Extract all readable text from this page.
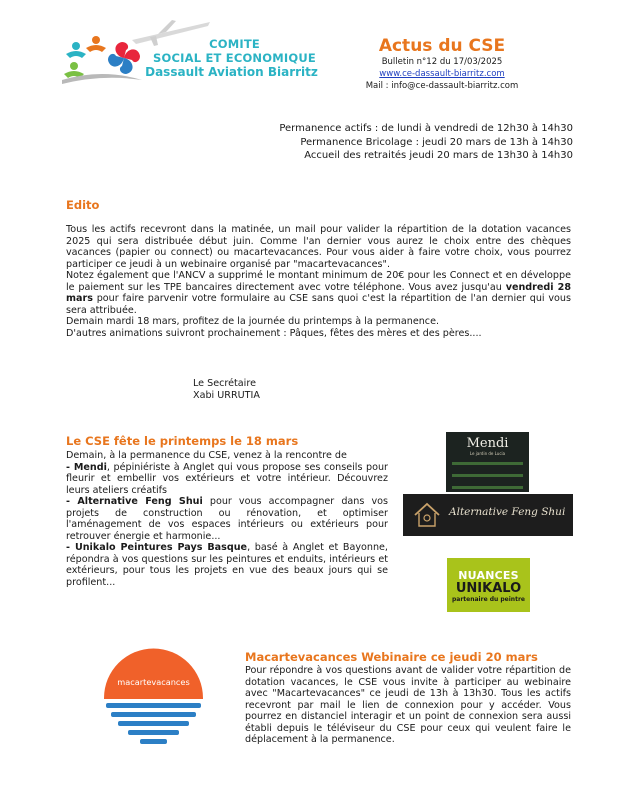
COMITE
SOCIAL ET ECONOMIQUE
Dassault Aviation Biarritz
Actus du CSE
Bulletin n°12 du 17/03/2025
www.ce-dassault-biarritz.com
Mail : info@ce-dassault-biarritz.com
Permanence actifs : de lundi à vendredi de 12h30 à 14h30
Permanence Bricolage : jeudi 20 mars de 13h à 14h30
Accueil des retraités jeudi 20 mars de 13h30 à 14h30
Edito

Tous les actifs recevront dans la matinée, un mail pour valider la répartition de la dotation vacances 2025 qui sera distribuée début juin. Comme l'an dernier vous aurez le choix entre des chèques vacances (papier ou connect) ou macartevacances. Pour vous aider à faire votre choix, vous pourrez participer ce jeudi à un webinaire organisé par "macartevacances".

Notez également que l'ANCV a supprimé le montant minimum de 20€ pour les Connect et en développe le paiement sur les TPE bancaires directement avec votre téléphone. Vous avez jusqu'au vendredi 28 mars pour faire parvenir votre formulaire au CSE sans quoi c'est la répartition de l'an dernier qui vous sera attribuée.

Demain mardi 18 mars, profitez de la journée du printemps à la permanence.

D'autres animations suivront prochainement : Pâques, fêtes des mères et des pères....

Le Secrétaire
Xabi URRUTIA
Le CSE fête le printemps le 18 mars

Demain, à la permanence du CSE, venez à la rencontre de

- Mendi, pépiniériste à Anglet qui vous propose ses conseils pour fleurir et embellir vos extérieurs et votre intérieur. Découvrez leurs ateliers créatifs

- Alternative Feng Shui pour vous accompagner dans vos projets de construction ou rénovation, et optimiser l'aménagement de vos espaces intérieurs ou extérieurs pour retrouver énergie et harmonie...

- Unikalo Peintures Pays Basque, basé à Anglet et Bayonne, répondra à vos questions sur les peintures et enduits, intérieurs et extérieurs, pour tous les projets en vue des beaux jours qui se profilent...

Mendi
Le jardin de Lucia
Alternative Feng Shui
NUANCES
UNIKALO
partenaire du peintre
macartevacances
Macartevacances Webinaire ce jeudi 20 mars

Pour répondre à vos questions avant de valider votre répartition de dotation vacances, le CSE vous invite à participer au webinaire avec "Macartevacances" ce jeudi de 13h à 13h30. Tous les actifs recevront par mail le lien de connexion pour y accéder. Vous pourrez en distanciel interagir et un point de connexion sera aussi établi depuis le téléviseur du CSE pour ceux qui veulent faire le déplacement à la permanence.
